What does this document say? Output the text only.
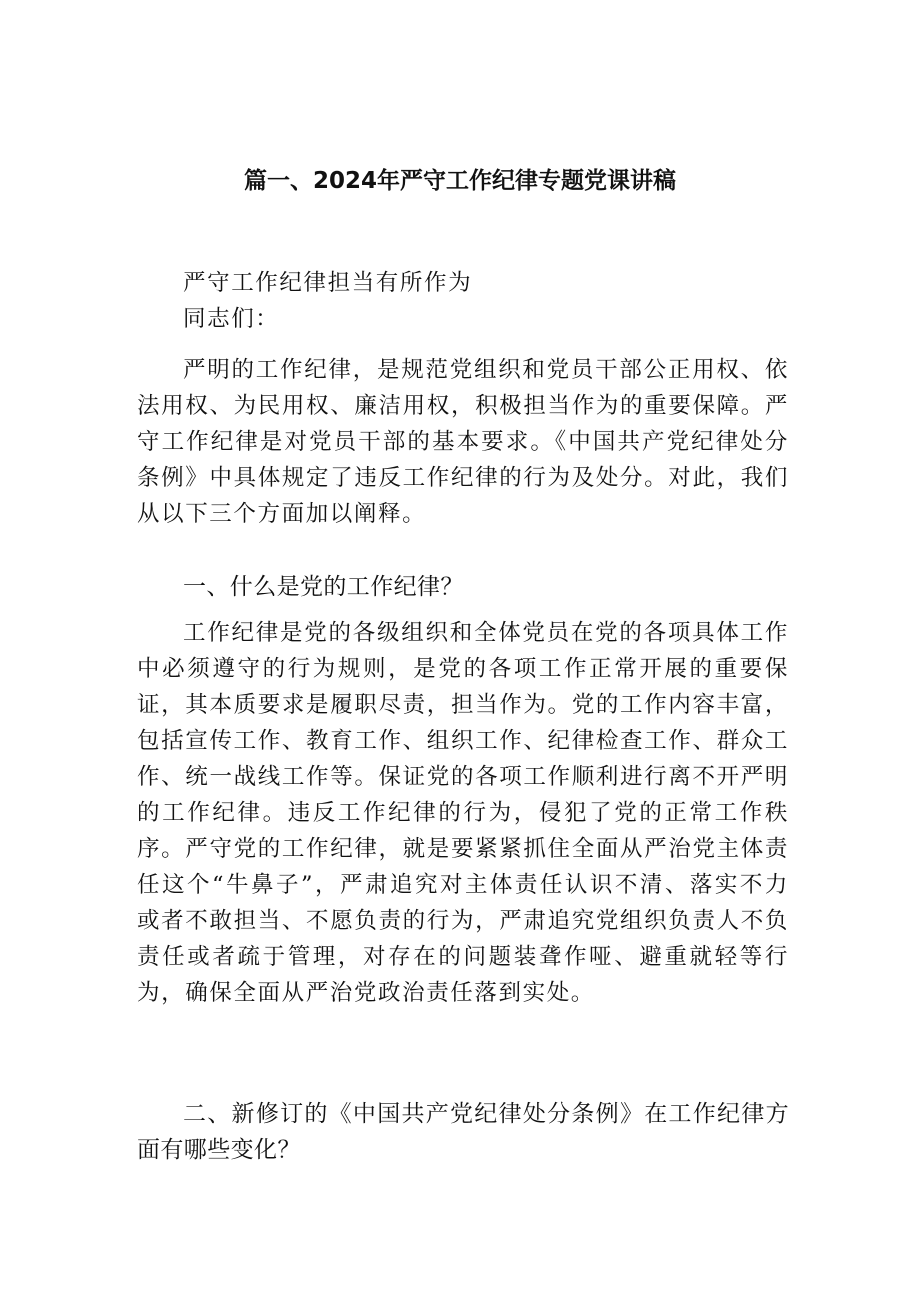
篇一、2024年严守工作纪律专题党课讲稿

严守工作纪律担当有所作为

同志们：

严明的工作纪律，是规范党组织和党员干部公正用权、依法用权、为民用权、廉洁用权，积极担当作为的重要保障。严守工作纪律是对党员干部的基本要求。《中国共产党纪律处分条例》中具体规定了违反工作纪律的行为及处分。对此，我们从以下三个方面加以阐释。

一、什么是党的工作纪律？

工作纪律是党的各级组织和全体党员在党的各项具体工作中必须遵守的行为规则，是党的各项工作正常开展的重要保证，其本质要求是履职尽责，担当作为。党的工作内容丰富，包括宣传工作、教育工作、组织工作、纪律检查工作、群众工作、统一战线工作等。保证党的各项工作顺利进行离不开严明的工作纪律。违反工作纪律的行为，侵犯了党的正常工作秩序。严守党的工作纪律，就是要紧紧抓住全面从严治党主体责任这个“牛鼻子”，严肃追究对主体责任认识不清、落实不力或者不敢担当、不愿负责的行为，严肃追究党组织负责人不负责任或者疏于管理，对存在的问题装聋作哑、避重就轻等行为，确保全面从严治党政治责任落到实处。

二、新修订的《中国共产党纪律处分条例》在工作纪律方面有哪些变化？
